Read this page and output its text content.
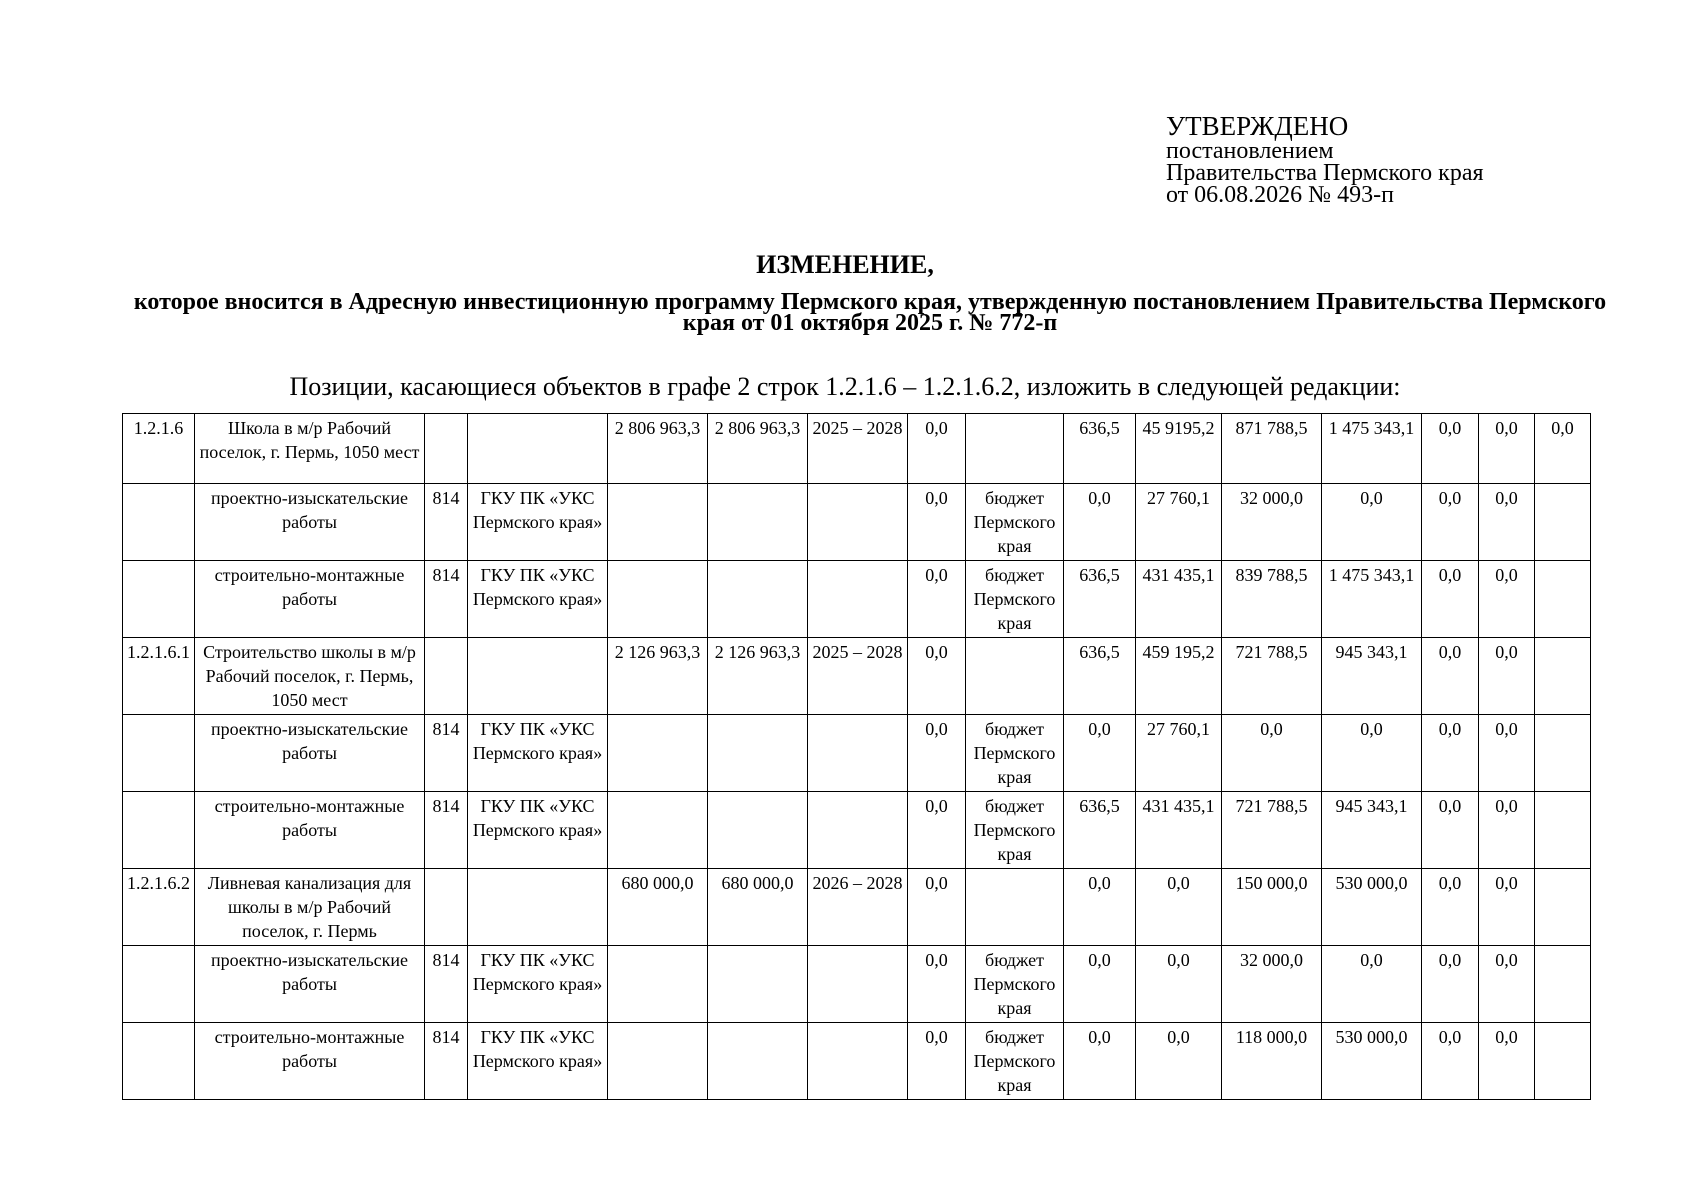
УТВЕРЖДЕНО
постановлением
Правительства Пермского края
от 06.08.2026 № 493-п
ИЗМЕНЕНИЕ,
которое вносится в Адресную инвестиционную программу Пермского края, утвержденную постановлением Правительства Пермского края от 01 октября 2025 г. № 772-п
Позиции, касающиеся объектов в графе 2 строк 1.2.1.6 – 1.2.1.6.2, изложить в следующей редакции:
1.2.1.6	Школа в м/р Рабочий поселок, г. Пермь, 1050 мест			2 806 963,3	2 806 963,3	2025 – 2028	0,0		636,5	45 9195,2	871 788,5	1 475 343,1	0,0	0,0	0,0
	проектно-изыскательские работы	814	ГКУ ПК «УКС Пермского края»				0,0	бюджет Пермского края	0,0	27 760,1	32 000,0	0,0	0,0	0,0	
	строительно-монтажные работы	814	ГКУ ПК «УКС Пермского края»				0,0	бюджет Пермского края	636,5	431 435,1	839 788,5	1 475 343,1	0,0	0,0	
1.2.1.6.1	Строительство школы в м/р Рабочий поселок, г. Пермь, 1050 мест			2 126 963,3	2 126 963,3	2025 – 2028	0,0		636,5	459 195,2	721 788,5	945 343,1	0,0	0,0	
	проектно-изыскательские работы	814	ГКУ ПК «УКС Пермского края»				0,0	бюджет Пермского края	0,0	27 760,1	0,0	0,0	0,0	0,0	
	строительно-монтажные работы	814	ГКУ ПК «УКС Пермского края»				0,0	бюджет Пермского края	636,5	431 435,1	721 788,5	945 343,1	0,0	0,0	
1.2.1.6.2	Ливневая канализация для школы в м/р Рабочий поселок, г. Пермь			680 000,0	680 000,0	2026 – 2028	0,0		0,0	0,0	150 000,0	530 000,0	0,0	0,0	
	проектно-изыскательские работы	814	ГКУ ПК «УКС Пермского края»				0,0	бюджет Пермского края	0,0	0,0	32 000,0	0,0	0,0	0,0	
	строительно-монтажные работы	814	ГКУ ПК «УКС Пермского края»				0,0	бюджет Пермского края	0,0	0,0	118 000,0	530 000,0	0,0	0,0	
